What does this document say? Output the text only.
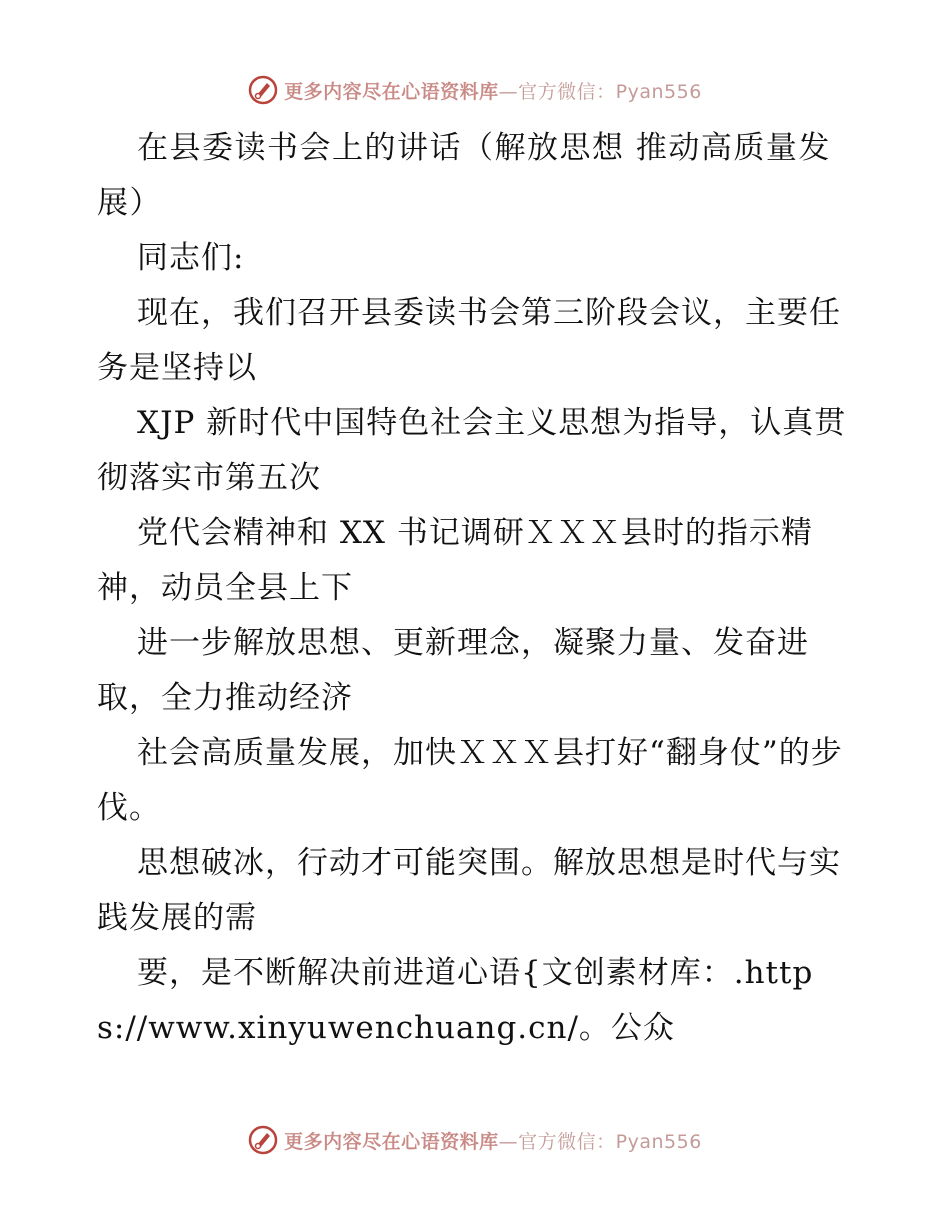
更多内容尽在心语资料库—官方微信：Pyan556

在县委读书会上的讲话（解放思想 推动高质量发展）

同志们:

现在，我们召开县委读书会第三阶段会议，主要任务是坚持以

XJP 新时代中国特色社会主义思想为指导，认真贯彻落实市第五次

党代会精神和 XX 书记调研ＸＸＸ县时的指示精神，动员全县上下

进一步解放思想、更新理念，凝聚力量、发奋进取，全力推动经济

社会高质量发展，加快ＸＸＸ县打好“翻身仗”的步伐。

思想破冰，行动才可能突围。解放思想是时代与实践发展的需

要，是不断解决前进道心语{文创素材库：.https://www.xinyuwenchuang.cn/。公众

更多内容尽在心语资料库—官方微信：Pyan556
